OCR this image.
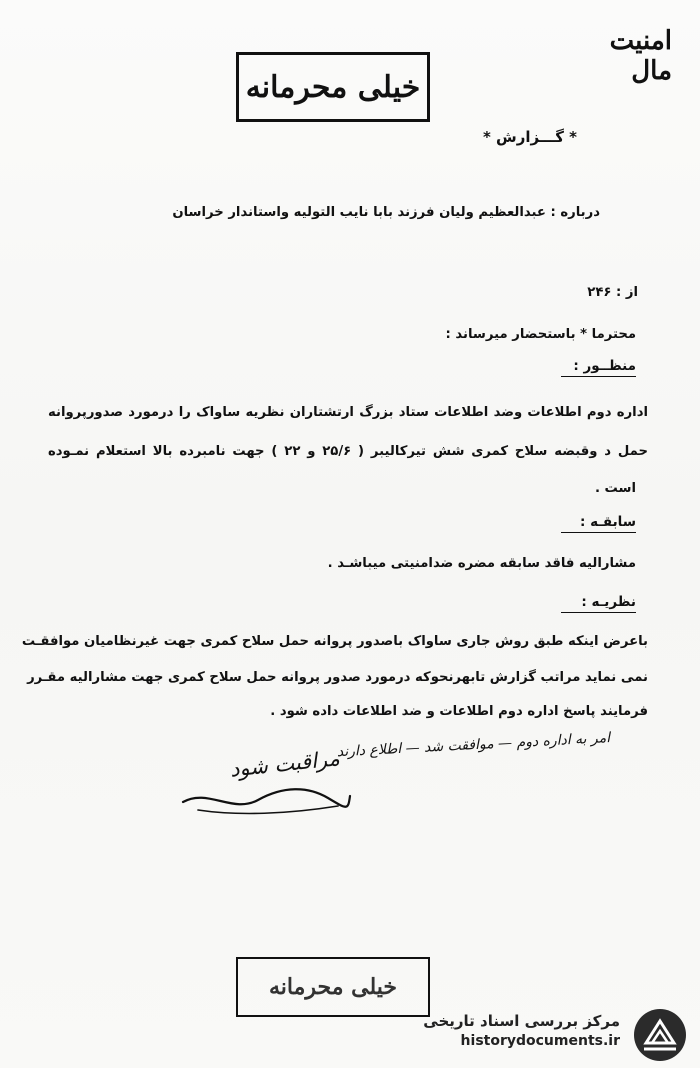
امنیت مال
خیلی محرمانه
* گـــزارش *
درباره : عبدالعظیم ولیان فرزند بابا نایب التولیه واستاندار خراسان
از : ۲۴۶
محترما * باستحضار میرساند :
منظــور :
اداره دوم اطلاعات وضد اطلاعات ستاد بزرگ ارتشتاران نظریه ساواک را درمورد صدورپروانه
حمل د وقبضه سلاح کمری شش تیرکالیبر ( ۲۵/۶ و ۲۲ ) جهت نامبرده بالا استعلام نمـوده
است .
سابقـه :
مشارالیه فاقد سابقه مضره ضدامنیتی میباشـد .
نظریـه :
باعرض اینکه طبق روش جاری ساواک باصدور پروانه حمل سلاح کمری جهت غیرنظامیان موافقـت
نمی نماید مراتب گزارش تابهرنحوکه درمورد صدور پروانه حمل سلاح کمری جهت مشارالیه مقـرر
فرمایند پاسخ اداره دوم اطلاعات و ضد اطلاعات داده شود .
امر به اداره دوم — موافقت شد — اطلاع دارند
مراقبت شود
خیلی محرمانه
مرکز بررسی اسناد تاریخی
historydocuments.ir
